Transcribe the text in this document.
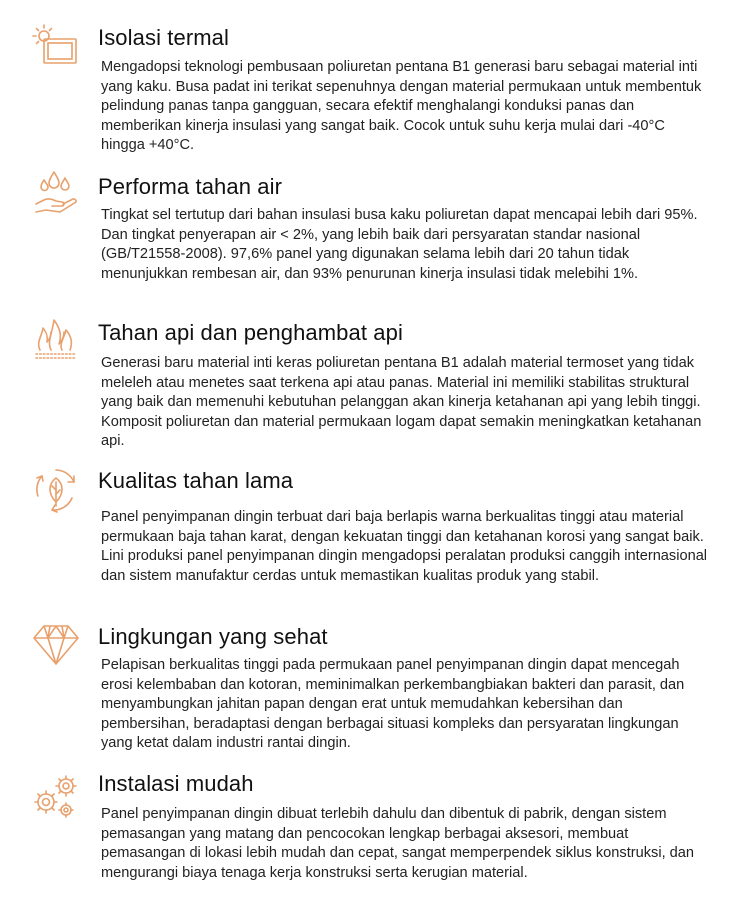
Isolasi termal

Mengadopsi teknologi pembusaan poliuretan pentana B1 generasi baru sebagai material inti yang kaku. Busa padat ini terikat sepenuhnya dengan material permukaan untuk membentuk pelindung panas tanpa gangguan, secara efektif menghalangi konduksi panas dan memberikan kinerja insulasi yang sangat baik. Cocok untuk suhu kerja mulai dari -40°C hingga +40°C.

Performa tahan air

Tingkat sel tertutup dari bahan insulasi busa kaku poliuretan dapat mencapai lebih dari 95%. Dan tingkat penyerapan air < 2%, yang lebih baik dari persyaratan standar nasional (GB/T21558-2008). 97,6% panel yang digunakan selama lebih dari 20 tahun tidak menunjukkan rembesan air, dan 93% penurunan kinerja insulasi tidak melebihi 1%.

Tahan api dan penghambat api

Generasi baru material inti keras poliuretan pentana B1 adalah material termoset yang tidak meleleh atau menetes saat terkena api atau panas. Material ini memiliki stabilitas struktural yang baik dan memenuhi kebutuhan pelanggan akan kinerja ketahanan api yang lebih tinggi. Komposit poliuretan dan material permukaan logam dapat semakin meningkatkan ketahanan api.

Kualitas tahan lama

Panel penyimpanan dingin terbuat dari baja berlapis warna berkualitas tinggi atau material permukaan baja tahan karat, dengan kekuatan tinggi dan ketahanan korosi yang sangat baik. Lini produksi panel penyimpanan dingin mengadopsi peralatan produksi canggih internasional dan sistem manufaktur cerdas untuk memastikan kualitas produk yang stabil.

Lingkungan yang sehat

Pelapisan berkualitas tinggi pada permukaan panel penyimpanan dingin dapat mencegah erosi kelembaban dan kotoran, meminimalkan perkembangbiakan bakteri dan parasit, dan menyambungkan jahitan papan dengan erat untuk memudahkan kebersihan dan pembersihan, beradaptasi dengan berbagai situasi kompleks dan persyaratan lingkungan yang ketat dalam industri rantai dingin.

Instalasi mudah

Panel penyimpanan dingin dibuat terlebih dahulu dan dibentuk di pabrik, dengan sistem pemasangan yang matang dan pencocokan lengkap berbagai aksesori, membuat pemasangan di lokasi lebih mudah dan cepat, sangat memperpendek siklus konstruksi, dan mengurangi biaya tenaga kerja konstruksi serta kerugian material.
